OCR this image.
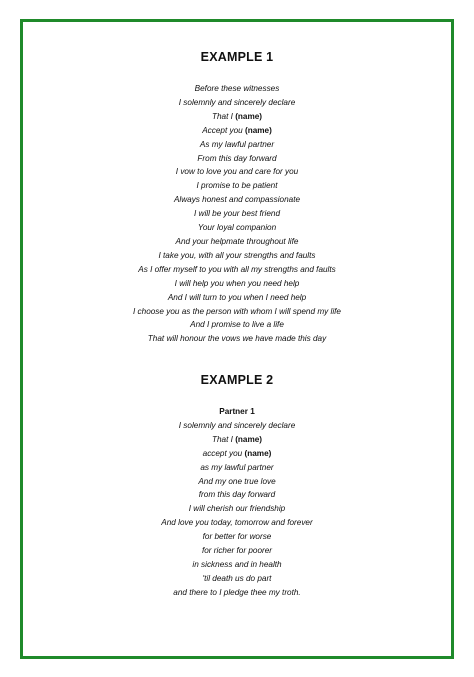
EXAMPLE 1
Before these witnesses
I solemnly and sincerely declare
That I (name)
Accept you (name)
As my lawful partner
From this day forward
I vow to love you and care for you
I promise to be patient
Always honest and compassionate
I will be your best friend
Your loyal companion
And your helpmate throughout life
I take you, with all your strengths and faults
As I offer myself to you with all my strengths and faults
I will help you when you need help
And I will turn to you when I need help
I choose you as the person with whom I will spend my life
And I promise to live a life
That will honour the vows we have made this day
EXAMPLE 2
Partner 1
I solemnly and sincerely declare
That I (name)
accept you (name)
as my lawful partner
And my one true love
from this day forward
I will cherish our friendship
And love you today, tomorrow and forever
for better for worse
for richer for poorer
in sickness and in health
'til death us do part
and there to I pledge thee my troth.
